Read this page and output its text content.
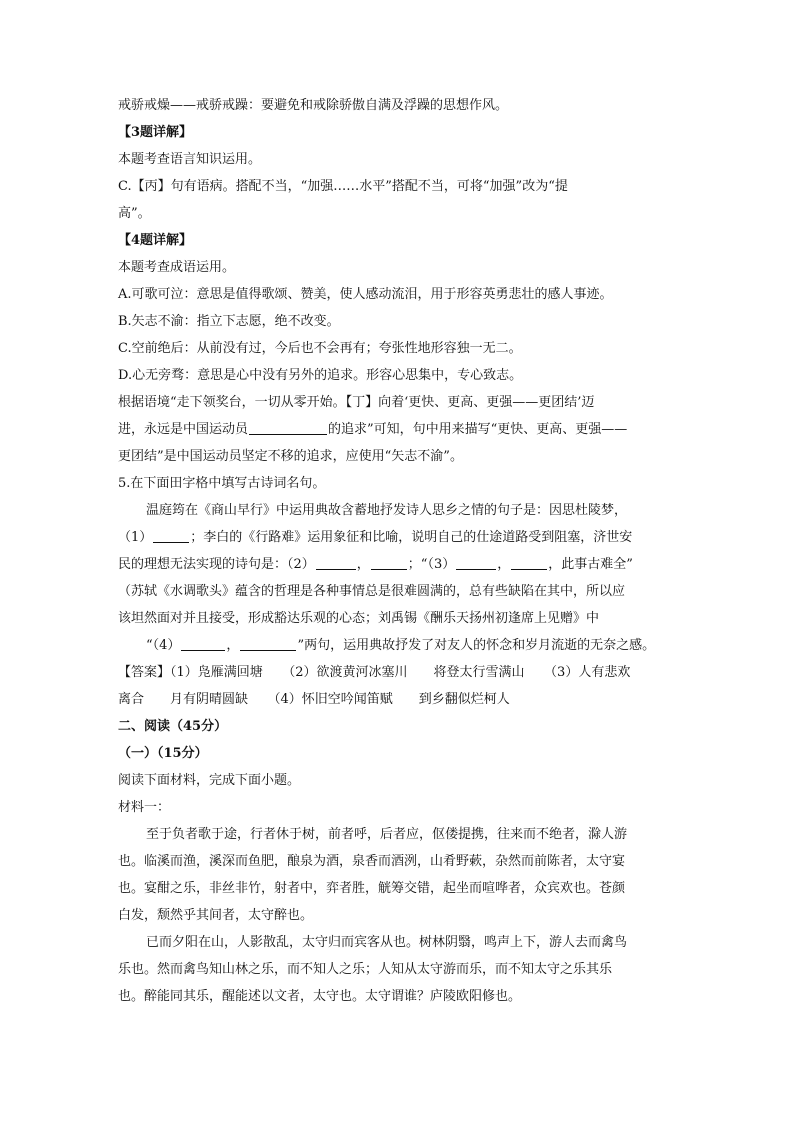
戒骄戒燥——戒骄戒躁：要避免和戒除骄傲自满及浮躁的思想作风。
【3题详解】
本题考查语言知识运用。
C.【丙】句有语病。搭配不当，“加强……水平”搭配不当，可将“加强”改为“提
高”。
【4题详解】
本题考查成语运用。
A.可歌可泣：意思是值得歌颂、赞美，使人感动流泪，用于形容英勇悲壮的感人事迹。
B.矢志不渝：指立下志愿，绝不改变。
C.空前绝后：从前没有过，今后也不会再有；夸张性地形容独一无二。
D.心无旁骛：意思是心中没有另外的追求。形容心思集中，专心致志。
根据语境“走下领奖台，一切从零开始。【丁】向着‘更快、更高、更强——更团结’迈
进，永远是中国运动员	的追求”可知，句中用来描写“更快、更高、更强——
更团结”是中国运动员坚定不移的追求，应使用“矢志不渝”。
5.在下面田字格中填写古诗词名句。
温庭筠在《商山早行》中运用典故含蓄地抒发诗人思乡之情的句子是：因思杜陵梦，
（1）	；李白的《行路难》运用象征和比喻，说明自己的仕途道路受到阻塞，济世安
民的理想无法实现的诗句是：（2）	，	；“（3）	，	，此事古难全”
（苏轼《水调歌头》蕴含的哲理是各种事情总是很难圆满的，总有些缺陷在其中，所以应
该坦然面对并且接受，形成豁达乐观的心态；刘禹锡《酬乐天扬州初逢席上见赠》中
“（4）	，	”两句，运用典故抒发了对友人的怀念和岁月流逝的无奈之感。
【答案】（1）凫雁满回塘　　（2）欲渡黄河冰塞川　　将登太行雪满山　　（3）人有悲欢
离合　　月有阴晴圆缺　　（4）怀旧空吟闻笛赋　　到乡翻似烂柯人
二、阅读（45分）
（一）（15分）
阅读下面材料，完成下面小题。
材料一：
至于负者歌于途，行者休于树，前者呼，后者应，伛偻提携，往来而不绝者，滁人游
也。临溪而渔，溪深而鱼肥，酿泉为酒，泉香而酒洌，山肴野蔌，杂然而前陈者，太守宴
也。宴酣之乐，非丝非竹，射者中，弈者胜，觥筹交错，起坐而喧哗者，众宾欢也。苍颜
白发，颓然乎其间者，太守醉也。
已而夕阳在山，人影散乱，太守归而宾客从也。树林阴翳，鸣声上下，游人去而禽鸟
乐也。然而禽鸟知山林之乐，而不知人之乐；人知从太守游而乐，而不知太守之乐其乐
也。醉能同其乐，醒能述以文者，太守也。太守谓谁？庐陵欧阳修也。
